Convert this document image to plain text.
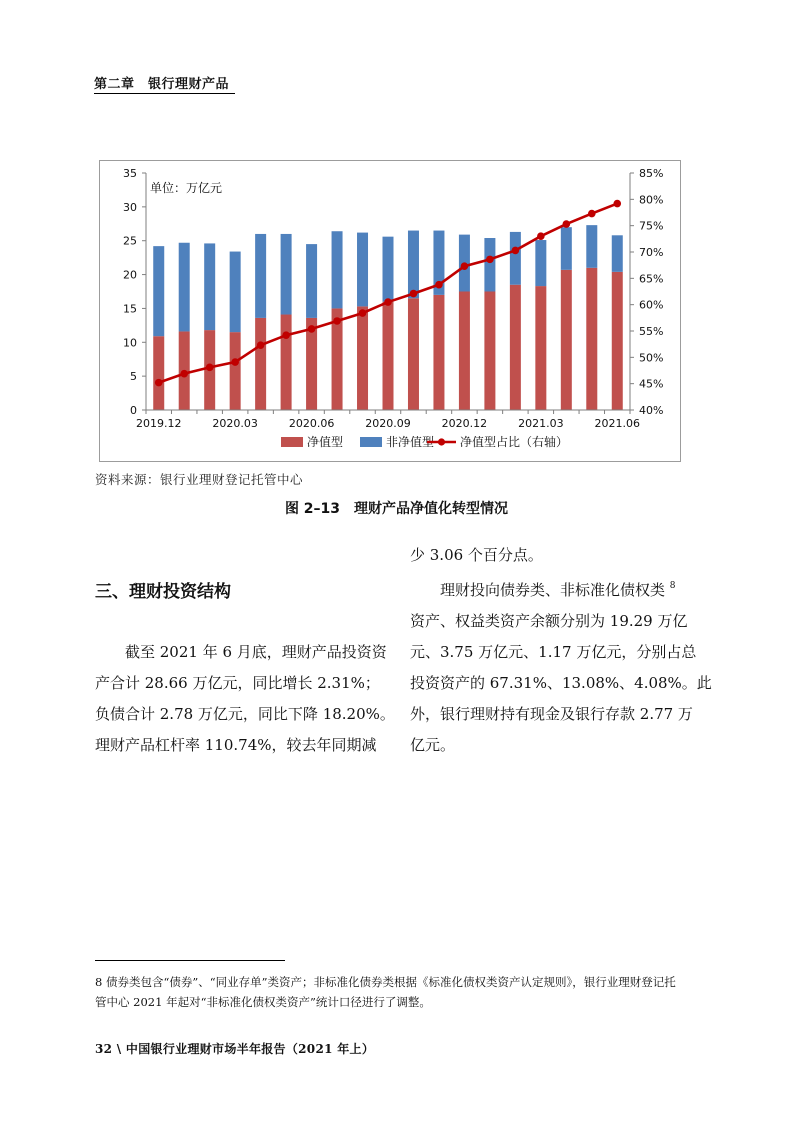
第二章　银行理财产品
0
5
10
15
20
25
30
35
40%
45%
50%
55%
60%
65%
70%
75%
80%
85%
2019.12	2020.03	2020.06	2020.09	2020.12	2021.03	2021.06
单位：万亿元
净值型	非净值型 净值型占比（右轴）
资料来源：银行业理财登记托管中心
图 2–13　理财产品净值化转型情况
三、理财投资结构
截至 2021 年 6 月底，理财产品投资资
产合计 28.66 万亿元，同比增长 2.31%；
负债合计 2.78 万亿元，同比下降 18.20%。
理财产品杠杆率 110.74%，较去年同期减
少 3.06 个百分点。
理财投向债券类、非标准化债权类 $^8$
资产、权益类资产余额分别为 19.29 万亿
元、3.75 万亿元、1.17 万亿元，分别占总
投资资产的 67.31%、13.08%、4.08%。此
外，银行理财持有现金及银行存款 2.77 万
亿元。
8 债券类包含“债券”、“同业存单”类资产；非标准化债券类根据《标准化债权类资产认定规则》，银行业理财登记托
管中心 2021 年起对“非标准化债权类资产”统计口径进行了调整。
32 \ 中国银行业理财市场半年报告（2021 年上）
